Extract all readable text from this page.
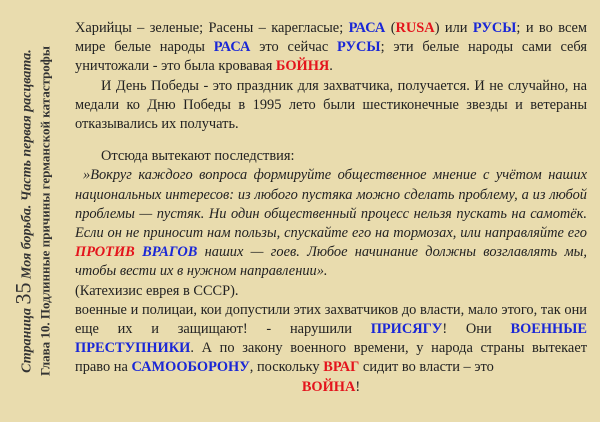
Страница 35 Моя борьба. Часть первая расцвата.
Глава 10. Подлинные причины германской катастрофы

Харийцы – зеленые; Расены – карегласые; РАСА (RUSA) или РУСЫ; и во всем мире белые народы РАСА это сейчас РУСЫ; эти белые народы сами себя уничтожали - это была кровавая БОЙНЯ.

И День Победы - это праздник для захватчика, получается. И не случайно, на медали ко Дню Победы в 1995 лето были шестиконечные звезды и ветераны отказывались их получать.

Отсюда вытекают последствия:

»Вокруг каждого вопроса формируйте общественное мнение с учётом наших национальных интересов: из любого пустяка можно сделать проблему, а из любой проблемы — пустяк. Ни один общественный процесс нельзя пускать на самотёк. Если он не приносит нам пользы, спускайте его на тормозах, или направляйте его ПРОТИВ ВРАГОВ наших — гоев. Любое начинание должны возглавлять мы, чтобы вести их в нужном направлении».

(Катехизис еврея в СССР).

военные и полицаи, кои допустили этих захватчиков до власти, мало этого, так они еще их и защищают! - нарушили ПРИСЯГУ! Они ВОЕННЫЕ ПРЕСТУПНИКИ. А по закону военного времени, у народа страны вытекает право на САМООБОРОНУ, поскольку ВРАГ сидит во власти – это

ВОЙНА!
